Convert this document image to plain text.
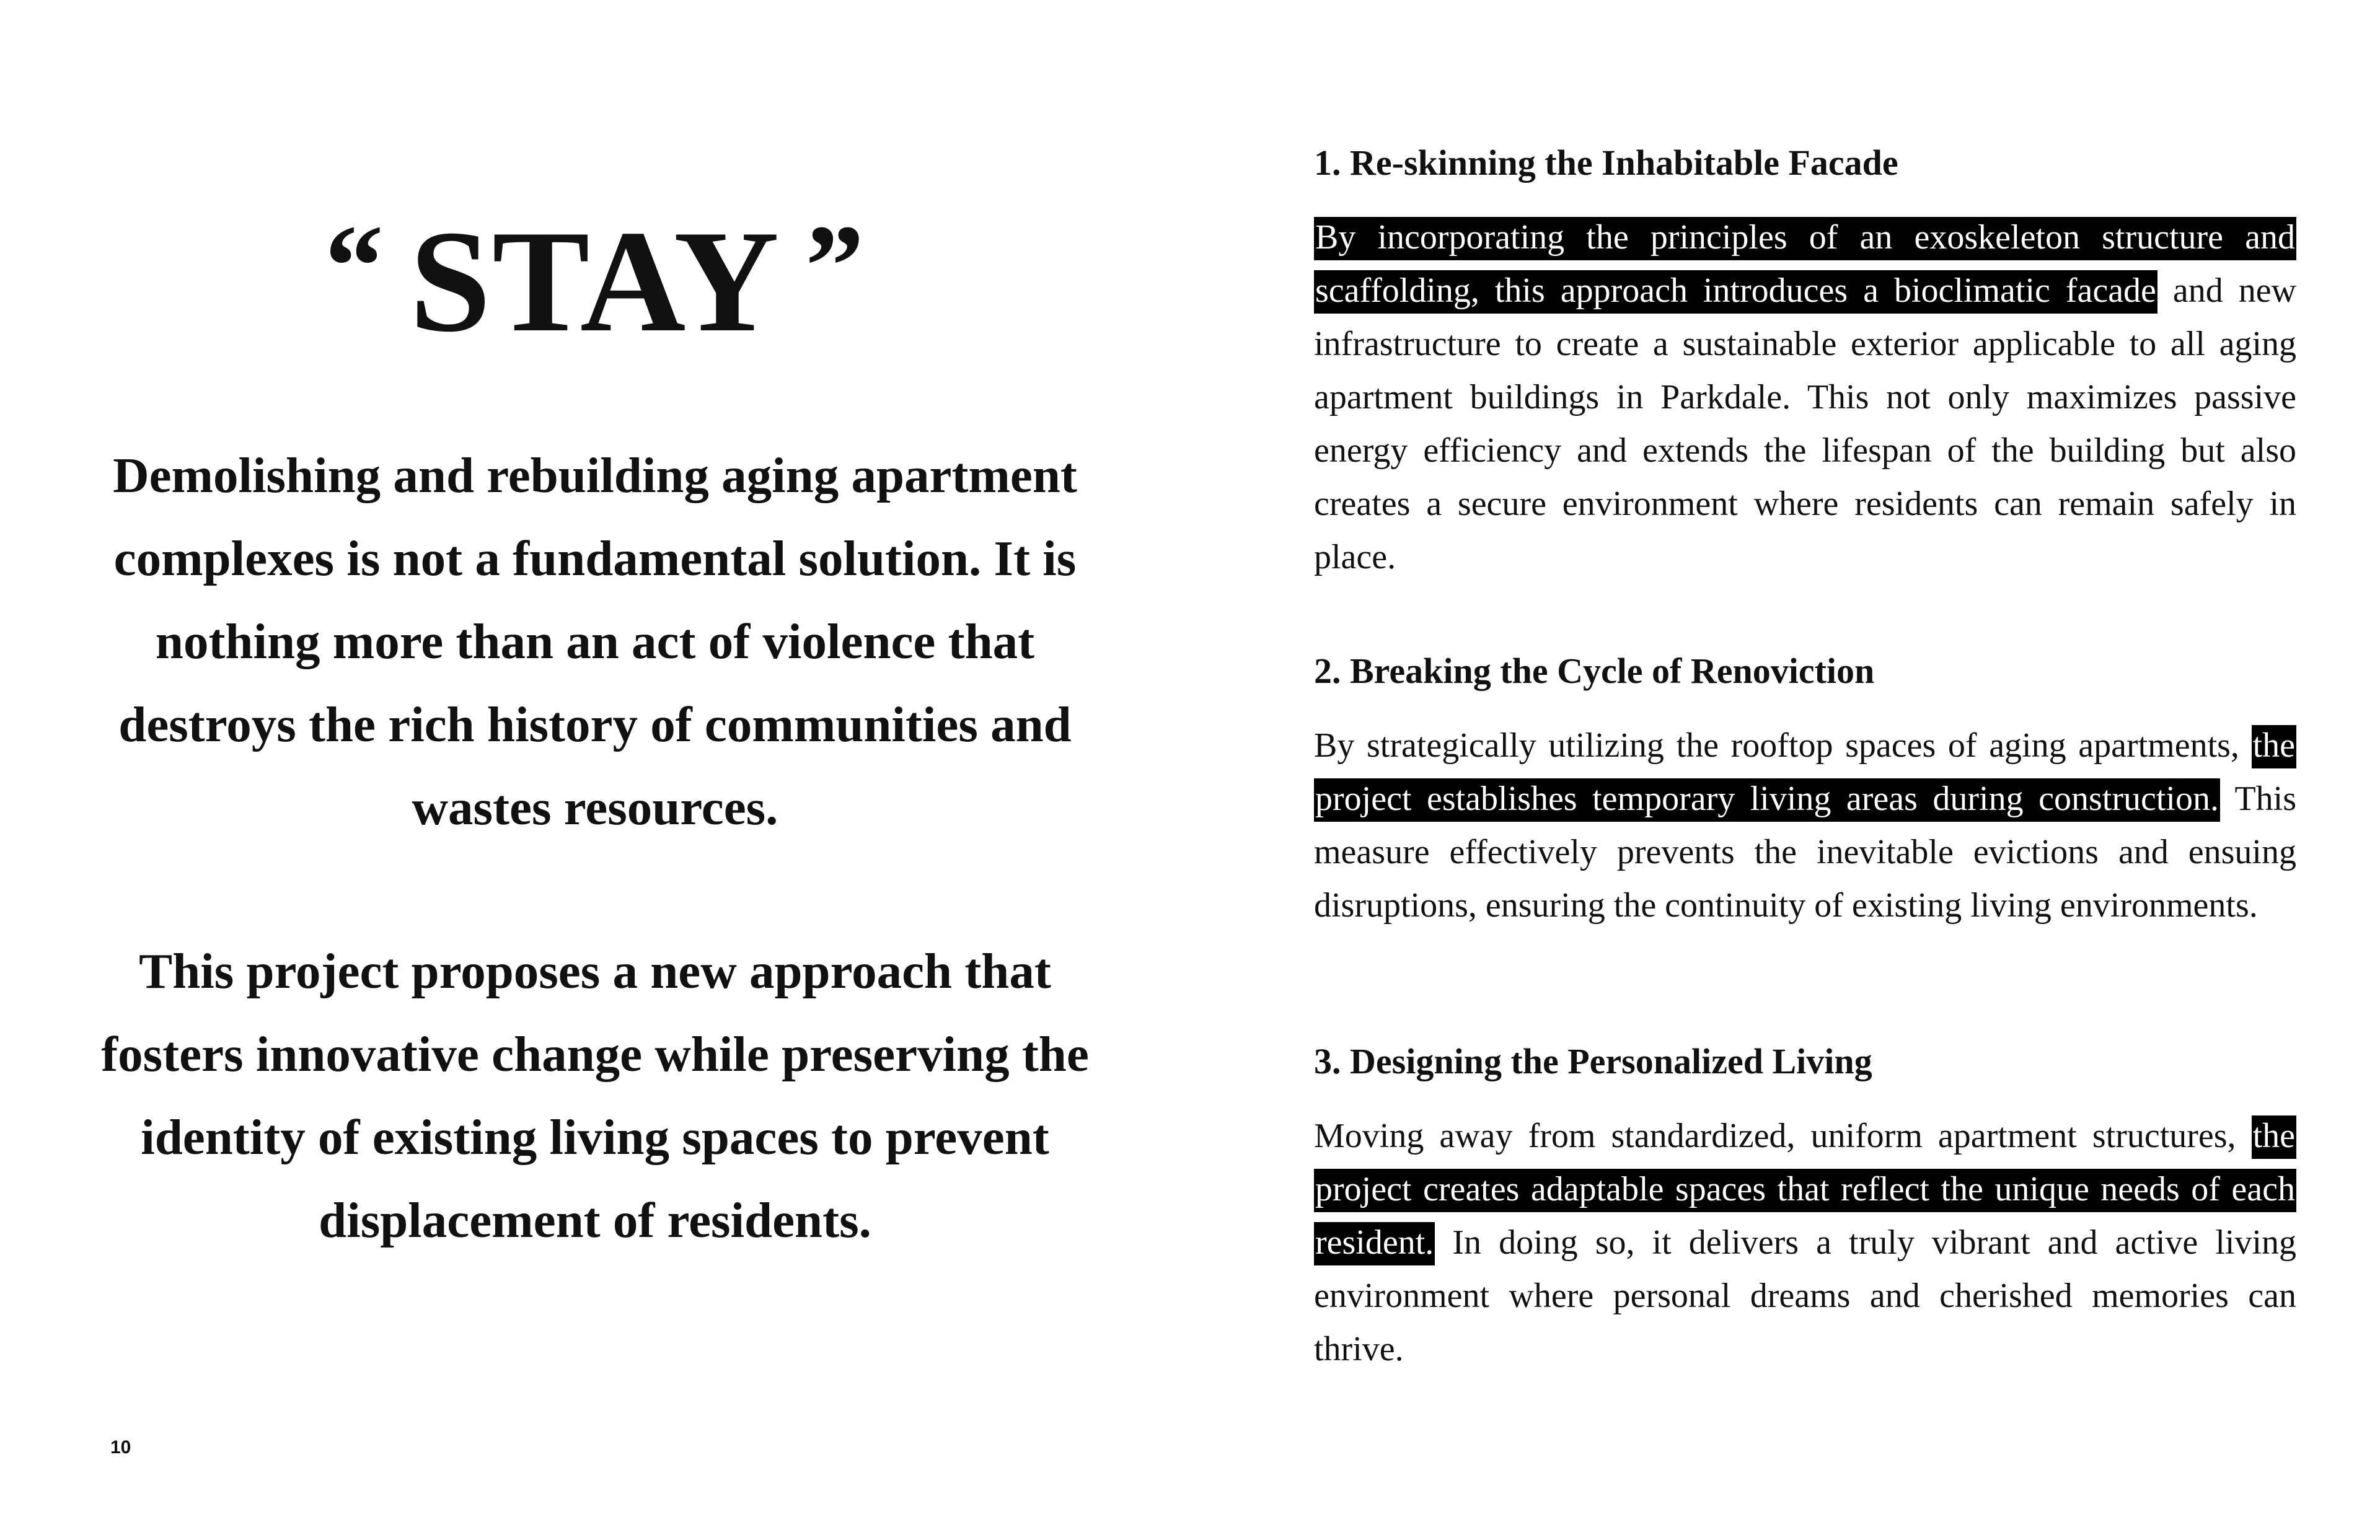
“ STAY ”

Demolishing and rebuilding aging apartment complexes is not a fundamental solution. It is nothing more than an act of violence that destroys the rich history of communities and wastes resources.

This project proposes a new approach that fosters innovative change while preserving the identity of existing living spaces to prevent displacement of residents.

10
1. Re-skinning the Inhabitable Facade

By incorporating the principles of an exoskeleton structure and scaffolding, this approach introduces a bioclimatic facade and new infrastructure to create a sustainable exterior applicable to all aging apartment buildings in Parkdale. This not only maximizes passive energy efficiency and extends the lifespan of the building but also creates a secure environment where residents can remain safely in place.

2. Breaking the Cycle of Renoviction

By strategically utilizing the rooftop spaces of aging apartments, the project establishes temporary living areas during construction. This measure effectively prevents the inevitable evictions and ensuing disruptions, ensuring the continuity of existing living environments.

3. Designing the Personalized Living

Moving away from standardized, uniform apartment structures, the project creates adaptable spaces that reflect the unique needs of each resident. In doing so, it delivers a truly vibrant and active living environment where personal dreams and cherished memories can thrive.
